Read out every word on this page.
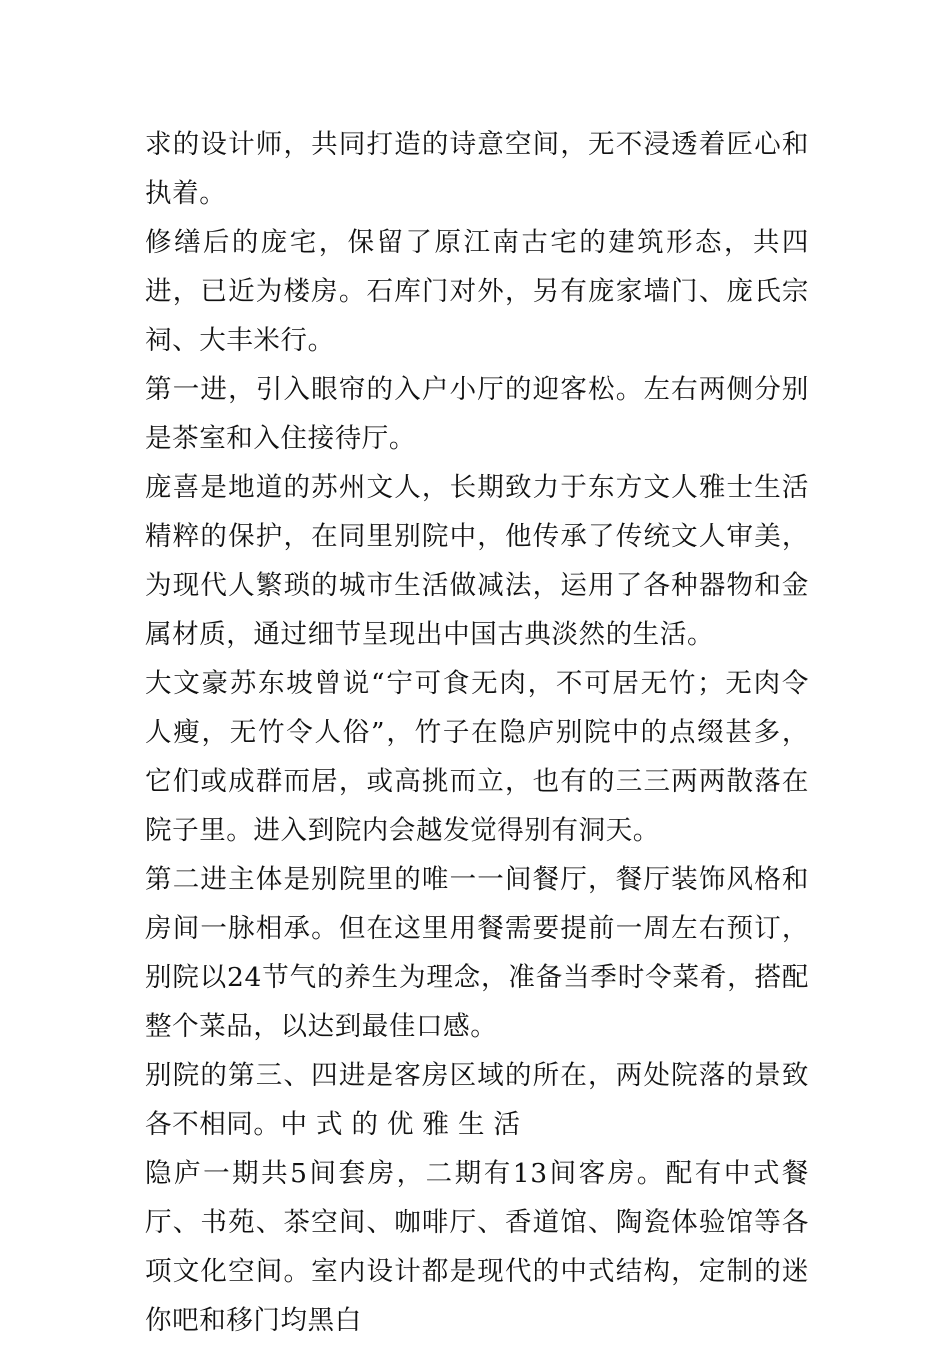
求的设计师，共同打造的诗意空间，无不浸透着匠心和执着。

修缮后的庞宅，保留了原江南古宅的建筑形态，共四进，已近为楼房。石库门对外，另有庞家墙门、庞氏宗祠、大丰米行。

第一进，引入眼帘的入户小厅的迎客松。左右两侧分别是茶室和入住接待厅。

庞喜是地道的苏州文人，长期致力于东方文人雅士生活精粹的保护，在同里别院中，他传承了传统文人审美，为现代人繁琐的城市生活做减法，运用了各种器物和金属材质，通过细节呈现出中国古典淡然的生活。

大文豪苏东坡曾说“宁可食无肉，不可居无竹；无肉令人瘦，无竹令人俗”，竹子在隐庐别院中的点缀甚多，它们或成群而居，或高挑而立，也有的三三两两散落在院子里。进入到院内会越发觉得别有洞天。

第二进主体是别院里的唯一一间餐厅，餐厅装饰风格和房间一脉相承。但在这里用餐需要提前一周左右预订，别院以24节气的养生为理念，准备当季时令菜肴，搭配整个菜品，以达到最佳口感。

别院的第三、四进是客房区域的所在，两处院落的景致各不相同。中式的优雅生活

隐庐一期共5间套房，二期有13间客房。配有中式餐厅、书苑、茶空间、咖啡厅、香道馆、陶瓷体验馆等各项文化空间。室内设计都是现代的中式结构，定制的迷你吧和移门均黑白
